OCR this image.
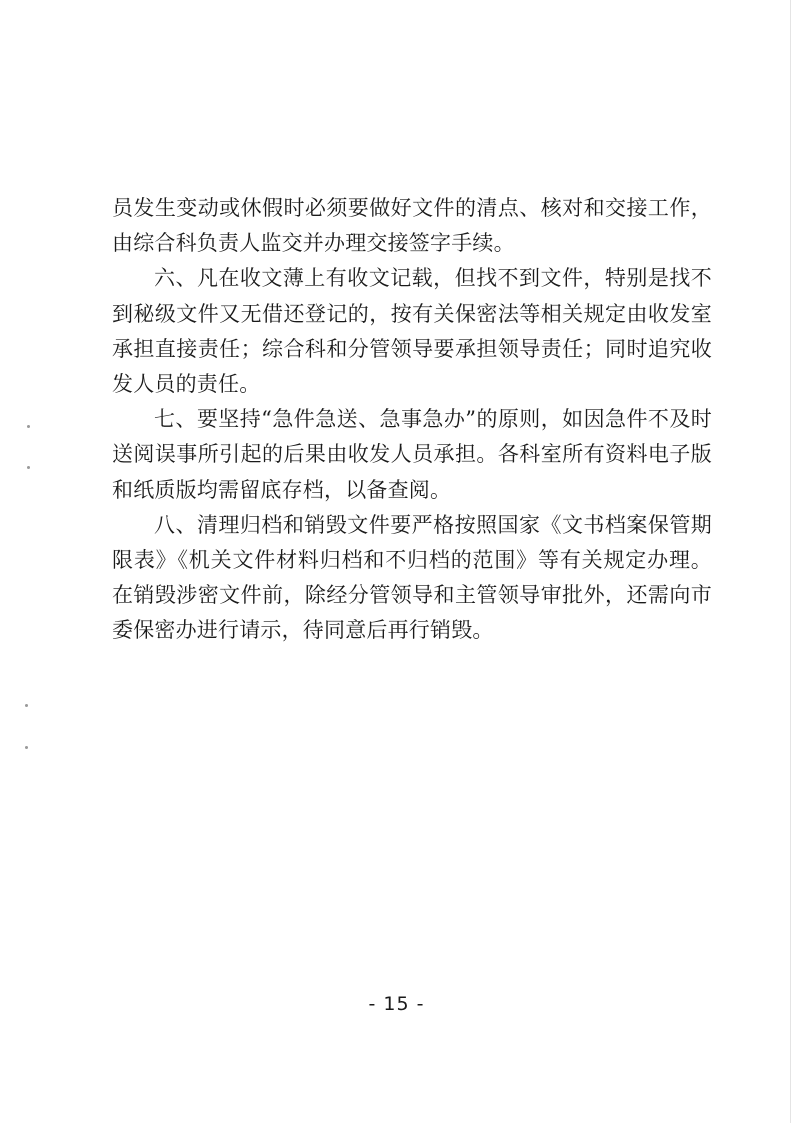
员发生变动或休假时必须要做好文件的清点、核对和交接工作，由综合科负责人监交并办理交接签字手续。

六、凡在收文薄上有收文记载，但找不到文件，特别是找不到秘级文件又无借还登记的，按有关保密法等相关规定由收发室承担直接责任；综合科和分管领导要承担领导责任；同时追究收发人员的责任。

七、要坚持“急件急送、急事急办”的原则，如因急件不及时送阅误事所引起的后果由收发人员承担。各科室所有资料电子版和纸质版均需留底存档，以备查阅。

八、清理归档和销毁文件要严格按照国家《文书档案保管期限表》《机关文件材料归档和不归档的范围》等有关规定办理。在销毁涉密文件前，除经分管领导和主管领导审批外，还需向市委保密办进行请示，待同意后再行销毁。

- 15 -
